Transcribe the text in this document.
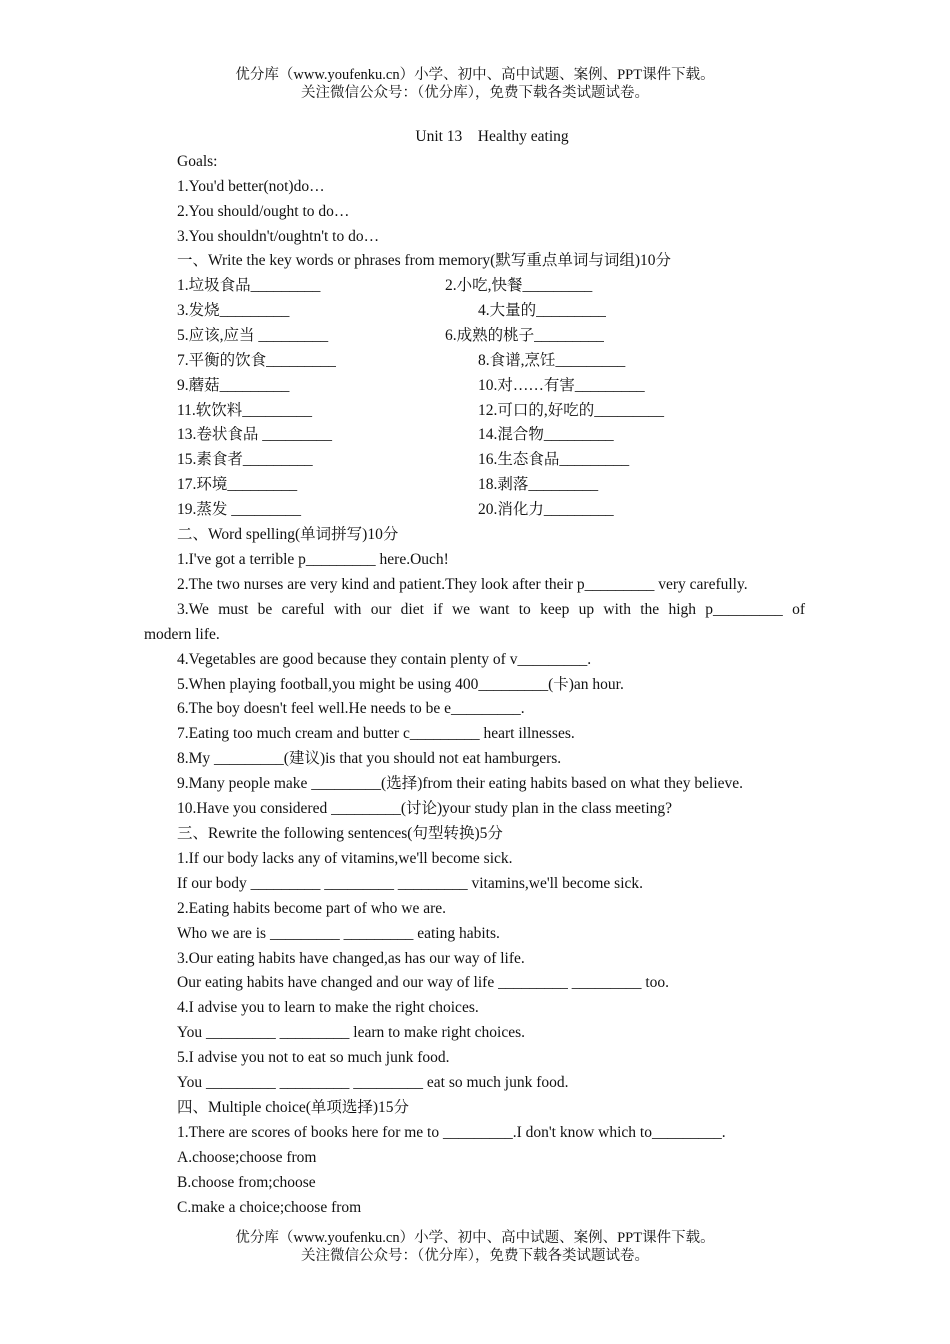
优分库（www.youfenku.cn）小学、初中、高中试题、案例、PPT课件下载。
关注微信公众号：（优分库），免费下载各类试题试卷。
Unit 13    Healthy eating
Goals:
1.You'd better(not)do…
2.You should/ought to do…
3.You shouldn't/oughtn't to do…
一、Write the key words or phrases from memory(默写重点单词与词组)10分
1.垃圾食品_________	2.小吃,快餐_________
3.发烧_________	4.大量的_________
5.应该,应当 _________	6.成熟的桃子_________
7.平衡的饮食_________	8.食谱,烹饪_________
9.蘑菇_________	10.对……有害_________
11.软饮料_________	12.可口的,好吃的_________
13.卷状食品 _________	14.混合物_________
15.素食者_________	16.生态食品_________
17.环境_________	18.剥落_________
19.蒸发 _________	20.消化力_________
二、Word spelling(单词拼写)10分
1.I've got a terrible p_________ here.Ouch!
2.The two nurses are very kind and patient.They look after their p_________ very carefully.
3.We must be careful with our diet if we want to keep up with the high p_________ of
modern life.
4.Vegetables are good because they contain plenty of v_________.
5.When playing football,you might be using 400_________(卡)an hour.
6.The boy doesn't feel well.He needs to be e_________.
7.Eating too much cream and butter c_________ heart illnesses.
8.My _________(建议)is that you should not eat hamburgers.
9.Many people make _________(选择)from their eating habits based on what they believe.
10.Have you considered _________(讨论)your study plan in the class meeting?
三、Rewrite the following sentences(句型转换)5分
1.If our body lacks any of vitamins,we'll become sick.
If our body _________ _________ _________ vitamins,we'll become sick.
2.Eating habits become part of who we are.
Who we are is _________ _________ eating habits.
3.Our eating habits have changed,as has our way of life.
Our eating habits have changed and our way of life _________ _________ too.
4.I advise you to learn to make the right choices.
You _________ _________ learn to make right choices.
5.I advise you not to eat so much junk food.
You _________ _________ _________ eat so much junk food.
四、Multiple choice(单项选择)15分
1.There are scores of books here for me to _________.I don't know which to_________.
A.choose;choose from
B.choose from;choose
C.make a choice;choose from
优分库（www.youfenku.cn）小学、初中、高中试题、案例、PPT课件下载。
关注微信公众号：（优分库），免费下载各类试题试卷。
